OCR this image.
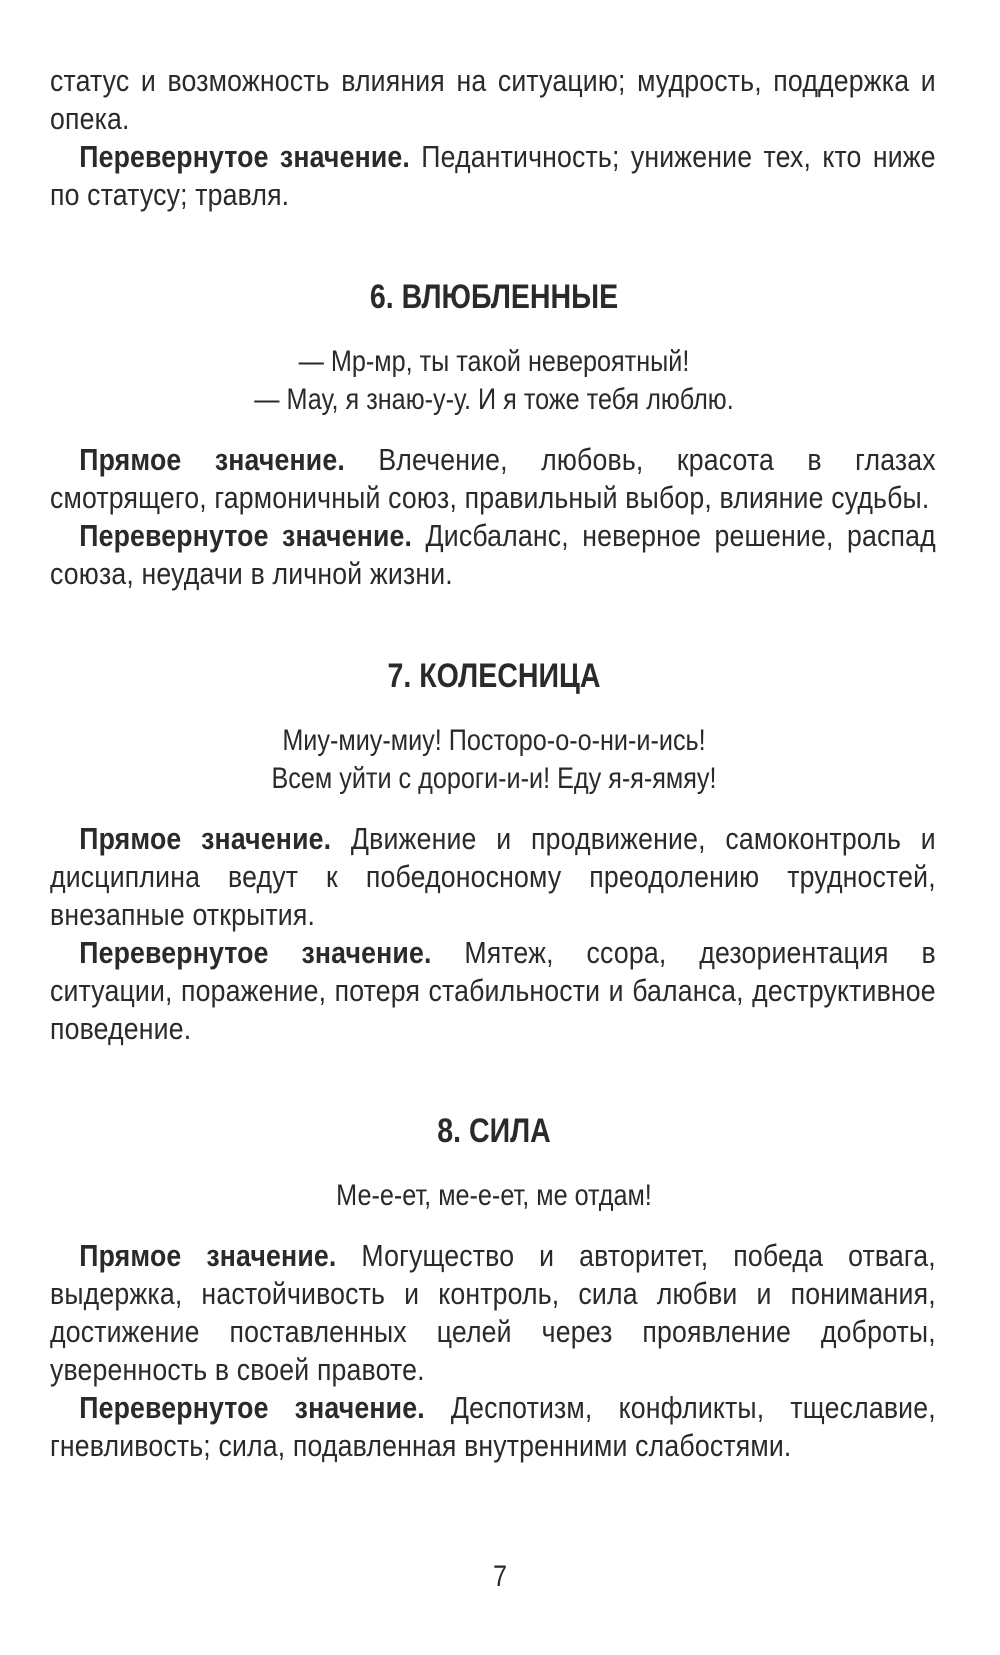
статус и возможность влияния на ситуацию; мудрость, поддержка и опека.

Перевернутое значение. Педантичность; унижение тех, кто ниже по статусу; травля.

6. ВЛЮБЛЕННЫЕ

— Мр-мр, ты такой невероятный!

— Мау, я знаю-у-у. И я тоже тебя люблю.

Прямое значение. Влечение, любовь, красота в глазах смотрящего, гармоничный союз, правильный выбор, влияние судьбы.

Перевернутое значение. Дисбаланс, неверное решение, распад союза, неудачи в личной жизни.

7. КОЛЕСНИЦА

Миу-миу-миу! Посторо-о-о-ни-и-ись!

Всем уйти с дороги-и-и! Еду я-я-ямяу!

Прямое значение. Движение и продвижение, самоконтроль и дисциплина ведут к победоносному преодолению трудностей, внезапные открытия.

Перевернутое значение. Мятеж, ссора, дезориентация в ситуации, поражение, потеря стабильности и баланса, деструктивное поведение.

8. СИЛА

Ме-е-ет, ме-е-ет, ме отдам!

Прямое значение. Могущество и авторитет, победа отвага, выдержка, настойчивость и контроль, сила любви и понимания, достижение поставленных целей через проявление доброты, уверенность в своей правоте.

Перевернутое значение. Деспотизм, конфликты, тщеславие, гневливость; сила, подавленная внутренними слабостями.

7
